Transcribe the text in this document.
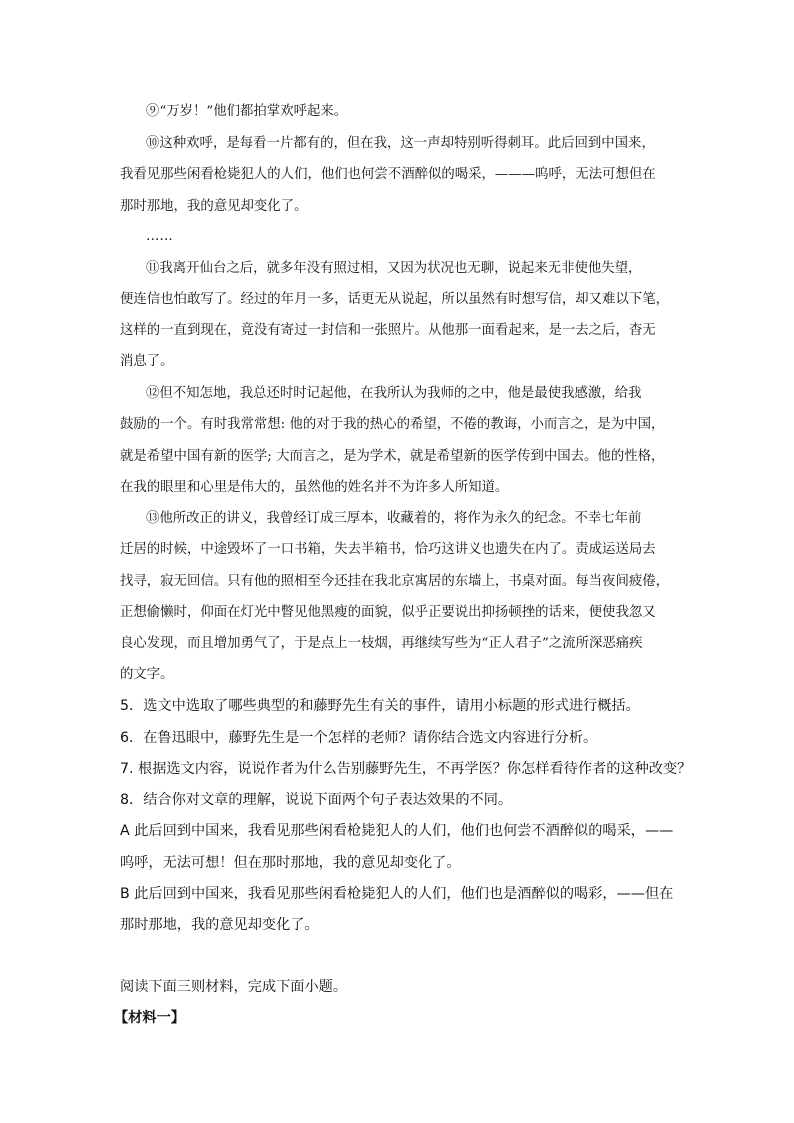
⑨“万岁！”他们都拍掌欢呼起来。
⑩这种欢呼，是每看一片都有的，但在我，这一声却特别听得刺耳。此后回到中国来，
我看见那些闲看枪毙犯人的人们，他们也何尝不酒醉似的喝采，———呜呼，无法可想但在
那时那地，我的意见却变化了。
……
⑪我离开仙台之后，就多年没有照过相，又因为状况也无聊，说起来无非使他失望，
便连信也怕敢写了。经过的年月一多，话更无从说起，所以虽然有时想写信，却又难以下笔，
这样的一直到现在，竟没有寄过一封信和一张照片。从他那一面看起来，是一去之后，杳无
消息了。
⑫但不知怎地，我总还时时记起他，在我所认为我师的之中，他是最使我感激，给我
鼓励的一个。有时我常常想: 他的对于我的热心的希望，不倦的教诲，小而言之，是为中国，
就是希望中国有新的医学; 大而言之，是为学术，就是希望新的医学传到中国去。他的性格，
在我的眼里和心里是伟大的，虽然他的姓名并不为许多人所知道。
⑬他所改正的讲义，我曾经订成三厚本，收藏着的，将作为永久的纪念。不幸七年前
迁居的时候，中途毁坏了一口书箱，失去半箱书，恰巧这讲义也遗失在内了。责成运送局去
找寻，寂无回信。只有他的照相至今还挂在我北京寓居的东墙上，书桌对面。每当夜间疲倦，
正想偷懒时，仰面在灯光中瞥见他黑瘦的面貌，似乎正要说出抑扬顿挫的话来，便使我忽又
良心发现，而且增加勇气了，于是点上一枝烟，再继续写些为“正人君子”之流所深恶痛疾
的文字。
5．选文中选取了哪些典型的和藤野先生有关的事件，请用小标题的形式进行概括。
6．在鲁迅眼中，藤野先生是一个怎样的老师？请你结合选文内容进行分析。
7. 根据选文内容，说说作者为什么告别藤野先生，不再学医？你怎样看待作者的这种改变？
8．结合你对文章的理解，说说下面两个句子表达效果的不同。
A 此后回到中国来，我看见那些闲看枪毙犯人的人们，他们也何尝不酒醉似的喝采，——
呜呼，无法可想！但在那时那地，我的意见却变化了。
B 此后回到中国来，我看见那些闲看枪毙犯人的人们，他们也是酒醉似的喝彩，——但在
那时那地，我的意见却变化了。
阅读下面三则材料，完成下面小题。
【材料一】
